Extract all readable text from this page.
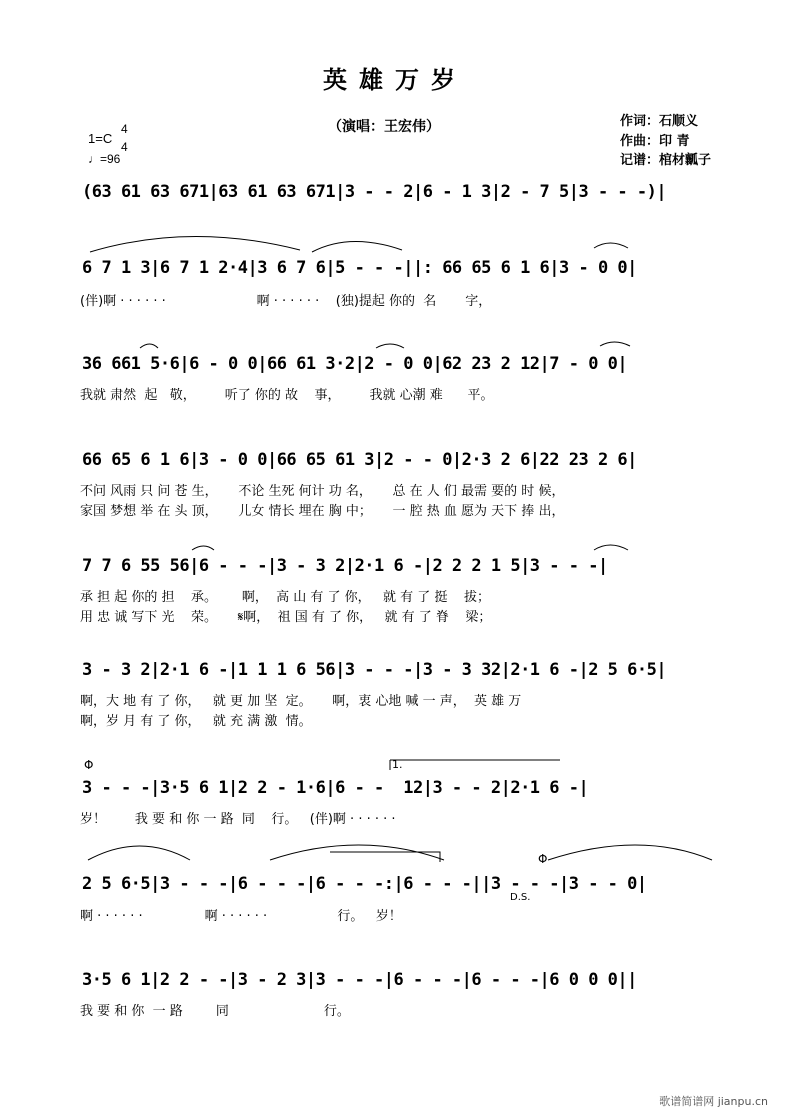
英雄万岁
（演唱：王宏伟）	作词：石顺义
作曲：印 青
记谱：棺材瓤子
1=C
4
4
♩=96
(63 61 63 671|63 61 63 671|3 - - 2|6 - 1 3|2 - 7 5|3 - - -)|
6 7 1 3|6 7 1 2·4|3 6 7 6|5 - - -||: 66 65 6 1 6|3 - 0 0|
(伴)啊 · · · · · ·                      啊 · · · · · ·    (独)提起 你的  名       字，
36 661 5·6|6 - 0 0|66 61 3·2|2 - 0 0|62 23 2 12|7 - 0 0|
我就 肃然  起   敬，       听了 你的 故    事，       我就 心潮 难      平。
66 65 6 1 6|3 - 0 0|66 65 61 3|2 - - 0|2·3 2 6|22 23 2 6|
不问 风雨 只 问 苍 生，     不论 生死 何计 功 名，     总 在 人 们 最需 要的 时 候，
家国 梦想 举 在 头 顶，     儿女 情长 埋在 胸 中；     一 腔 热 血 愿为 天下 捧 出，
7 7 6 55 56|6 - - -|3 - 3 2|2·1 6 -|2 2 2 1 5|3 - - -|
承 担 起 你的 担    承。      啊，  高 山 有 了 你，   就 有 了 挺    拔；
用 忠 诚 写下 光    荣。     𝄋啊，  祖 国 有 了 你，   就 有 了 脊    梁；
3 - 3 2|2·1 6 -|1 1 1 6 56|3 - - -|3 - 3 32|2·1 6 -|2 5 6·5|
啊，大 地 有 了 你，   就 更 加 坚  定。     啊，衷 心地 喊 一 声，  英 雄 万
啊，岁 月 有 了 你，   就 充 满 激  情。
3 - - -|3·5 6 1|2 2 - 1·6|6 - -  12|3 - - 2|2·1 6 -|
岁！       我 要 和 你 一 路  同    行。   (伴)啊 · · · · · ·
2 5 6·5|3 - - -|6 - - -|6 - - -:|6 - - -||3 - - -|3 - - 0|
啊 · · · · · ·               啊 · · · · · ·                 行。   岁！
3·5 6 1|2 2 - -|3 - 2 3|3 - - -|6 - - -|6 - - -|6 0 0 0||
我 要 和 你  一 路        同                       行。
Φ
Φ
1.
D.S.
歌谱简谱网 jianpu.cn
